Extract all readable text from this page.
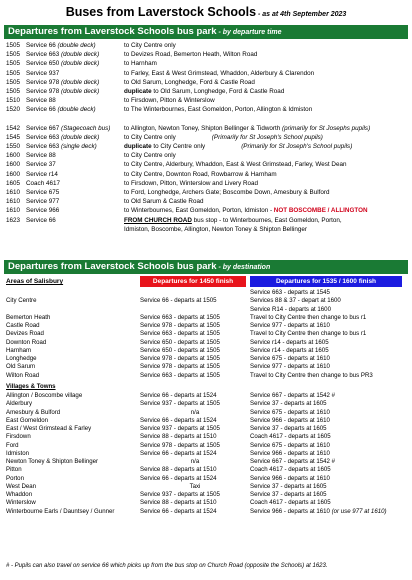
Buses from Laverstock Schools - as at 4th September 2023
Departures from Laverstock Schools bus park - by departure time
1505 Service 66 (double deck)	to City Centre only
1505 Service 663 (double deck)	to Devizes Road, Bemerton Heath, Wilton Road
1505 Service 650 (double deck)	to Harnham
1505 Service 937	to Farley, East & West Grimstead, Whaddon, Alderbury & Clarendon
1505 Service 978 (double deck)	to Old Sarum, Longhedge, Ford & Castle Road
1505 Service 978 (double deck)	duplicate to Old Sarum, Longhedge, Ford & Castle Road
1510 Service 88	to Firsdown, Pitton & Winterslow
1520 Service 66 (double deck)	to The Winterbournes, East Gomeldon, Porton, Allington & Idmiston
1542 Service 667 (Stagecoach bus)	to Allington, Newton Toney, Shipton Bellinger & Tidworth (primarily for St Josephs pupils)
1545 Service 663 (double deck)	to City Centre only	(Primarily for St Joseph's School pupils)
1550 Service 663 (single deck)	duplicate to City Centre only	(Primarily for St Joseph's School pupils)
1600 Service 88	to City Centre only
1600 Service 37	to City Centre, Alderbury, Whaddon, East & West Grimstead, Farley, West Dean
1600 Service r14	to City Centre, Downton Road, Rowbarrow & Harnham
1605 Coach 4617	to Firsdown, Pitton, Winterslow and Livery Road
1610 Service 675	to Ford, Longhedge, Archers Gate; Boscombe Down, Amesbury & Bulford
1610 Service 977	to Old Sarum & Castle Road
1610 Service 966	to Winterbournes, East Gomeldon, Porton, Idmiston - NOT BOSCOMBE / ALLINGTON
1623 Service 66	FROM CHURCH ROAD bus stop - to Winterbournes, East Gomeldon, Porton,
Idmiston, Boscombe, Allington, Newton Toney & Shipton Bellinger
Departures from Laverstock Schools bus park - by destination
Areas of Salisbury	Departures for 1450 finish	Departures for 1535 / 1600 finish
Service 663 - departs at 1545
City Centre	Service 66 - departs at 1505	Services 88 & 37 - depart at 1600
Service R14 - departs at 1600
Bemerton Heath	Service 663 - departs at 1505	Travel to City Centre then change to bus r1
Castle Road	Service 978 - departs at 1505	Service 977 - departs at 1610
Devizes Road	Service 663 - departs at 1505	Travel to City Centre then change to bus r1
Downton Road	Service 650 - departs at 1505	Service r14 - departs at 1605
Harnham	Service 650 - departs at 1505	Service r14 - departs at 1605
Longhedge	Service 978 - departs at 1505	Service 675 - departs at 1610
Old Sarum	Service 978 - departs at 1505	Service 977 - departs at 1610
Wilton Road	Service 663 - departs at 1505	Travel to City Centre then change to bus PR3
Villages & Towns
Allington / Boscombe village	Service 66 - departs at 1524	Service 667 - departs at 1542 #
Alderbury	Service 937 - departs at 1505	Service 37 - departs at 1605
Amesbury & Bulford	n/a	Service 675 - departs at 1610
East Gomeldon	Service 66 - departs at 1524	Service 966 - departs at 1610
East / West Grimstead & Farley	Service 937 - departs at 1505	Service 37 - departs at 1605
Firsdown	Service 88 - departs at 1510	Coach 4617 - departs at 1605
Ford	Service 978 - departs at 1505	Service 675 - departs at 1610
Idmiston	Service 66 - departs at 1524	Service 966 - departs at 1610
Newton Toney & Shipton Bellinger	n/a	Service 667 - departs at 1542 #
Pitton	Service 88 - departs at 1510	Coach 4617 - departs at 1605
Porton	Service 66 - departs at 1524	Service 966 - departs at 1610
West Dean	Taxi	Service 37 - departs at 1605
Whaddon	Service 937 - departs at 1505	Service 37 - departs at 1605
Winterslow	Service 88 - departs at 1510	Coach 4617 - departs at 1605
Winterbourne Earls / Dauntsey / Gunner	Service 66 - departs at 1524	Service 966 - departs at 1610 (or use 977 at 1610)
# - Pupils can also travel on service 66 which picks up from the bus stop on Church Road (opposite the Schools) at 1623.
